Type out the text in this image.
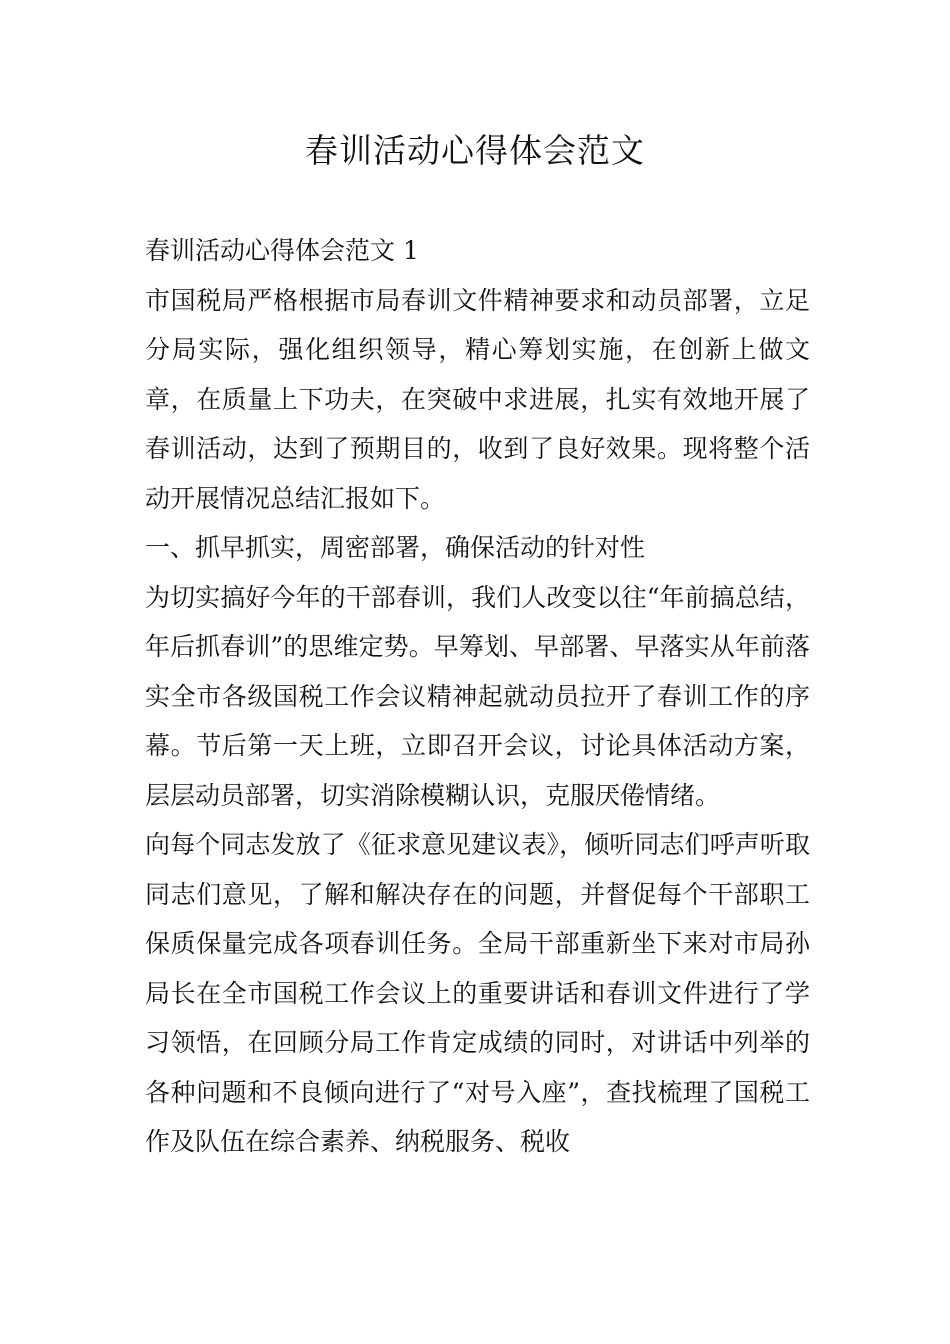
春训活动心得体会范文

春训活动心得体会范文 1

市国税局严格根据市局春训文件精神要求和动员部署，立足分局实际，强化组织领导，精心筹划实施，在创新上做文章，在质量上下功夫，在突破中求进展，扎实有效地开展了春训活动，达到了预期目的，收到了良好效果。现将整个活动开展情况总结汇报如下。

一、抓早抓实，周密部署，确保活动的针对性

为切实搞好今年的干部春训，我们人改变以往“年前搞总结，年后抓春训”的思维定势。早筹划、早部署、早落实从年前落实全市各级国税工作会议精神起就动员拉开了春训工作的序幕。节后第一天上班，立即召开会议，讨论具体活动方案，层层动员部署，切实消除模糊认识，克服厌倦情绪。

向每个同志发放了《征求意见建议表》，倾听同志们呼声听取同志们意见，了解和解决存在的问题，并督促每个干部职工保质保量完成各项春训任务。全局干部重新坐下来对市局孙局长在全市国税工作会议上的重要讲话和春训文件进行了学习领悟，在回顾分局工作肯定成绩的同时，对讲话中列举的各种问题和不良倾向进行了“对号入座”，查找梳理了国税工作及队伍在综合素养、纳税服务、税收
